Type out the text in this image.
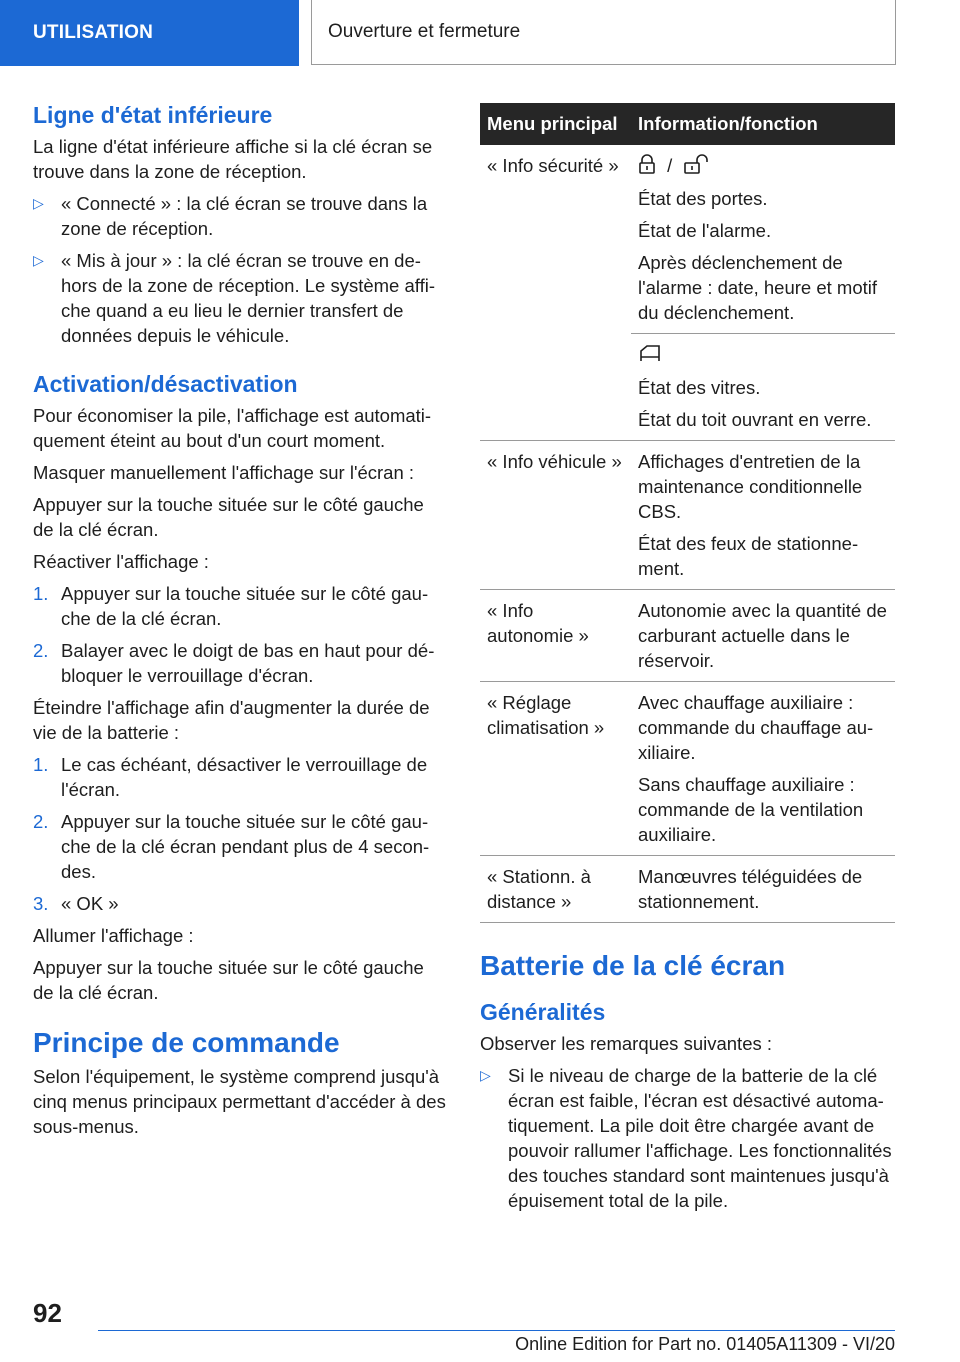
UTILISATION	Ouverture et fermeture
Ligne d'état inférieure

La ligne d'état inférieure affiche si la clé écran se trouve dans la zone de réception.

▷ « Connecté » : la clé écran se trouve dans la zone de réception.
▷ « Mis à jour » : la clé écran se trouve en dehors de la zone de réception. Le système affiche quand a eu lieu le dernier transfert de données depuis le véhicule.
Activation/désactivation

Pour économiser la pile, l'affichage est automatiquement éteint au bout d'un court moment.

Masquer manuellement l'affichage sur l'écran :

Appuyer sur la touche située sur le côté gauche de la clé écran.

Réactiver l'affichage :

1. Appuyer sur la touche située sur le côté gauche de la clé écran.
2. Balayer avec le doigt de bas en haut pour débloquer le verrouillage d'écran.

Éteindre l'affichage afin d'augmenter la durée de vie de la batterie :

1. Le cas échéant, désactiver le verrouillage de l'écran.
2. Appuyer sur la touche située sur le côté gauche de la clé écran pendant plus de 4 secondes.
3. « OK »

Allumer l'affichage :

Appuyer sur la touche située sur le côté gauche de la clé écran.

Principe de commande

Selon l'équipement, le système comprend jusqu'à cinq menus principaux permettant d'accéder à des sous-menus.

Menu principal	Information/fonction
« Info sécurité »	/

État des portes.

État de l'alarme.

Après déclenchement de l'alarme : date, heure et motif du déclenchement.

	État des vitres.

État du toit ouvrant en verre.

« Info véhicule »	Affichages d'entretien de la maintenance conditionnelle CBS.

État des feux de stationnement.

« Info autonomie »	Autonomie avec la quantité de carburant actuelle dans le réservoir.

« Réglage climatisation »	Avec chauffage auxiliaire : commande du chauffage auxiliaire.

Sans chauffage auxiliaire : commande de la ventilation auxiliaire.

« Stationn. à distance »	Manœuvres téléguidées de stationnement.

Batterie de la clé écran
Généralités

Observer les remarques suivantes :

▷ Si le niveau de charge de la batterie de la clé écran est faible, l'écran est désactivé automatiquement. La pile doit être chargée avant de pouvoir rallumer l'affichage. Les fonctionnalités des touches standard sont maintenues jusqu'à épuisement total de la pile.
92
Online Edition for Part no. 01405A11309 - VI/20
